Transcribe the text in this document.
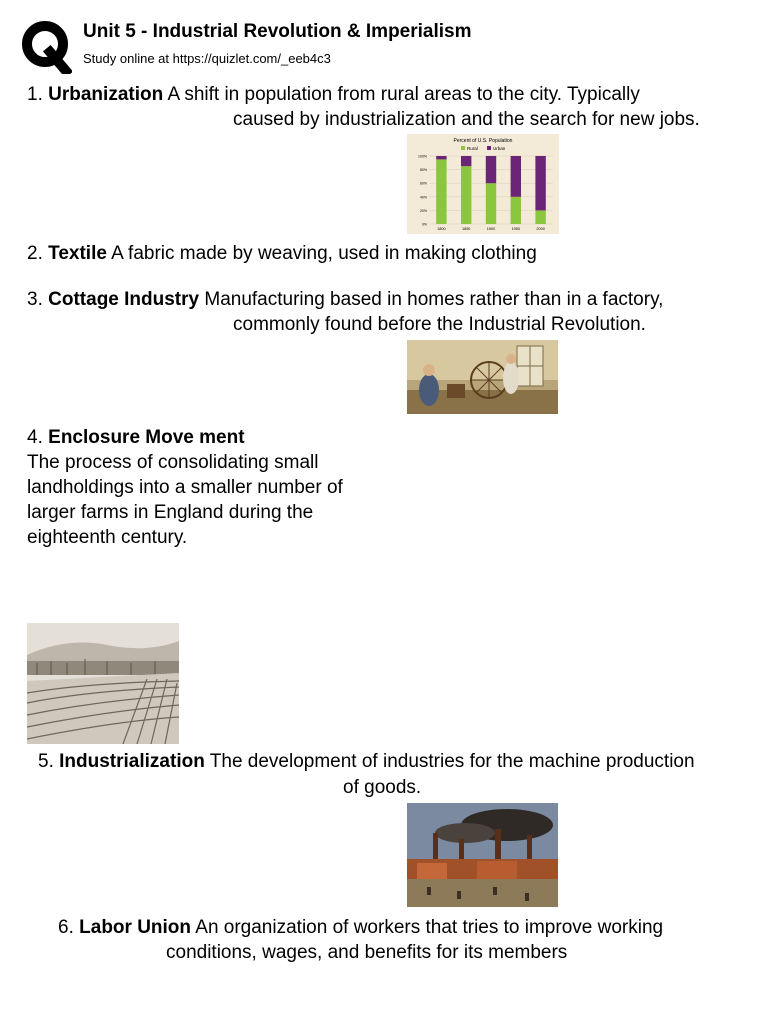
Unit 5 - Industrial Revolution & Imperialism
Study online at https://quizlet.com/_eeb4c3
1. Urbanization A shift in population from rural areas to the city. Typically
caused by industrialization and the search for new jobs.
Percent of U.S. Population
Rural	Urban
100%
80%
60%
40%
20%
0%
1800	1850	1900	1950	2000
2. Textile A fabric made by weaving, used in making clothing
3. Cottage Industry Manufacturing based in homes rather than in a factory,
commonly found before the Industrial Revolution.
4. Enclosure Move ment
The process of consolidating small
landholdings into a smaller number of
larger farms in England during the
eighteenth century.
5. Industrialization The development of industries for the machine production
of goods.
6. Labor Union An organization of workers that tries to improve working
conditions, wages, and benefits for its members
